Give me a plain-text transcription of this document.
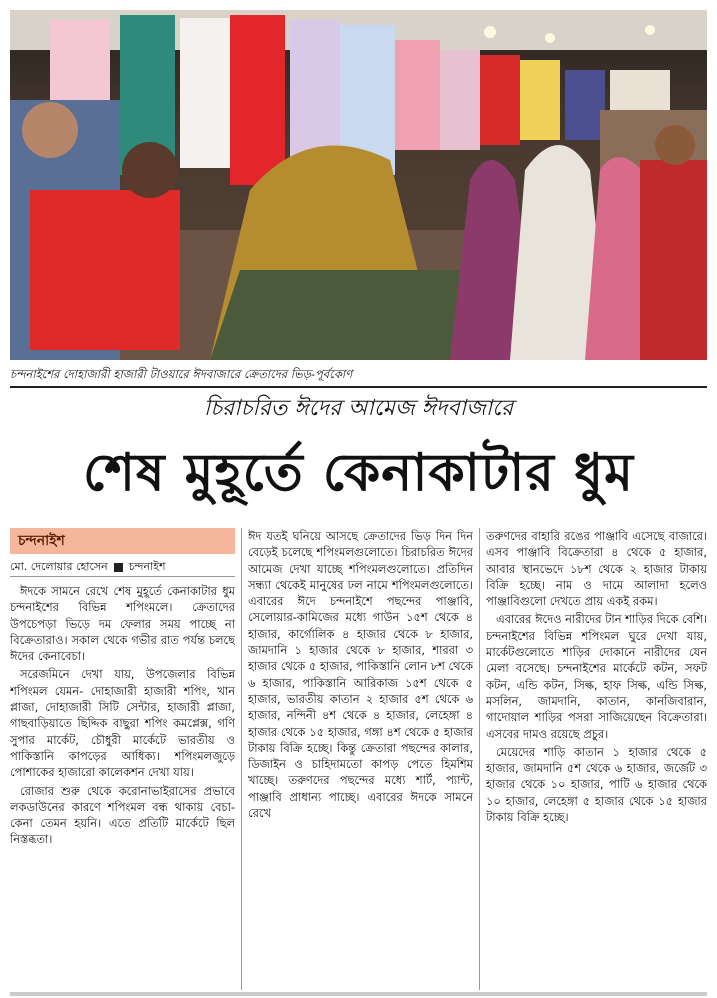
চন্দনাইশের দোহাজারী হাজারী টাওয়ারে ঈদবাজারে ক্রেতাদের ভিড়-পূর্বকোণ
চিরাচরিত ঈদের আমেজ ঈদবাজারে
শেষ মুহূর্তে কেনাকাটার ধুম
চন্দনাইশ
মো. দেলোয়ার হোসেন চন্দনাইশ

ঈদকে সামনে রেখে শেষ মুহূর্তে কেনাকাটার ধুম চন্দনাইশের বিভিন্ন শপিংমলে। ক্রেতাদের উপচেপড়া ভিড়ে দম ফেলার সময় পাচ্ছে না বিক্রেতারাও। সকাল থেকে গভীর রাত পর্যন্ত চলছে ঈদের কেনাবেচা।

সরেজমিনে দেখা যায়, উপজেলার বিভিন্ন শপিংমল যেমন- দোহাজারী হাজারী শপিং, খান প্লাজা, দোহাজারী সিটি সেন্টার, হাজারী প্লাজা, গাছবাড়িয়াতে ছিদ্দিক বাছুরা শপিং কমপ্লেক্স, গণি সুপার মার্কেট, চৌধুরী মার্কেটে ভারতীয় ও পাকিস্তানি কাপড়ের আধিক্য। শপিংমলজুড়ে পোশাকের হাজারো কালেকশন দেখা যায়।

রোজার শুরু থেকে করোনাভাইরাসের প্রভাবে লকডাউনের কারণে শপিংমল বন্ধ থাকায় বেচা-কেনা তেমন হয়নি। এতে প্রতিটি মার্কেটে ছিল নিস্তব্ধতা।

ঈদ যতই ঘনিয়ে আসছে ক্রেতাদের ভিড় দিন দিন বেড়েই চলেছে শপিংমলগুলোতে। চিরাচরিত ঈদের আমেজ দেখা যাচ্ছে শপিংমলগুলোতে। প্রতিদিন সন্ধ্যা থেকেই মানুষের ঢল নামে শপিংমলগুলোতে। এবারের ঈদে চন্দনাইশে পছন্দের পাঞ্জাবি, সেলোয়ার-কামিজের মধ্যে গাউন ১৫শ থেকে ৪ হাজার, কার্গোলিক ৪ হাজার থেকে ৮ হাজার, জামদানি ১ হাজার থেকে ৮ হাজার, শাররা ৩ হাজার থেকে ৫ হাজার, পাকিস্তানি লোন ৮শ থেকে ৬ হাজার, পাকিস্তানি আরিকাজ ১৫শ থেকে ৫ হাজার, ভারতীয় কাতান ২ হাজার ৫শ থেকে ৬ হাজার, নন্দিনী ৪শ থেকে ৪ হাজার, লেহেঙ্গা ৪ হাজার থেকে ১৫ হাজার, গঙ্গা ৪শ থেকে ৫ হাজার টাকায় বিক্রি হচ্ছে। কিন্তু ক্রেতারা পছন্দের কালার, ডিজাইন ও চাহিদামতো কাপড় পেতে হিমশিম খাচ্ছে। তরুণদের পছন্দের মধ্যে শার্ট, প্যান্ট, পাঞ্জাবি প্রাধান্য পাচ্ছে। এবারের ঈদকে সামনে রেখে

তরুণদের বাহারি রঙের পাঞ্জাবি এসেছে বাজারে। এসব পাঞ্জাবি বিক্রেতারা ৪ থেকে ৫ হাজার, আবার স্থানভেদে ১৮শ থেকে ২ হাজার টাকায় বিক্রি হচ্ছে। নাম ও দামে আলাদা হলেও পাঞ্জাবিগুলো দেখতে প্রায় একই রকম।

এবারের ঈদেও নারীদের টান শাড়ির দিকে বেশি। চন্দনাইশের বিভিন্ন শপিংমল ঘুরে দেখা যায়, মার্কেটগুলোতে শাড়ির দোকানে নারীদের যেন মেলা বসেছে। চন্দনাইশের মার্কেটে কটন, সফট কটন, এন্ডি কটন, সিল্ক, হাফ সিল্ক, এন্ডি সিল্ক, মসলিন, জামদানি, কাতান, কানজিবারান, গাদোয়াল শাড়ির পসরা সাজিয়েছেন বিক্রেতারা। এসবের দামও রয়েছে প্রচুর।

মেয়েদের শাড়ি কাতান ১ হাজার থেকে ৫ হাজার, জামদানি ৫শ থেকে ৬ হাজার, জর্জেট ৩ হাজার থেকে ১০ হাজার, পাটি ৬ হাজার থেকে ১০ হাজার, লেহেঙ্গা ৫ হাজার থেকে ১৫ হাজার টাকায় বিক্রি হচ্ছে।
